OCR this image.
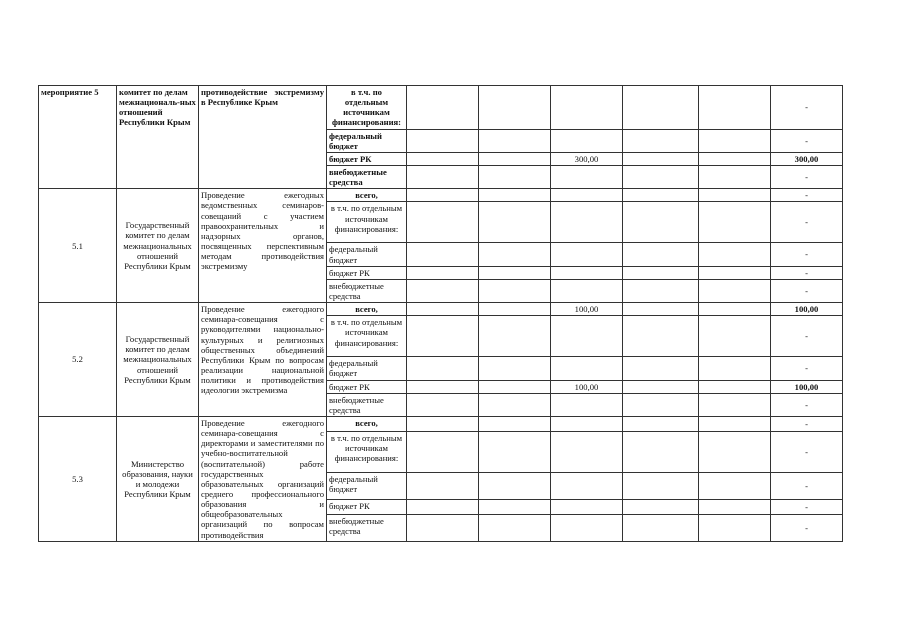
мероприятие 5	комитет по делам межнациональ-ных отношений Республики Крым	противодействие экстремизму в Республике Крым	в т.ч. по отдельным источникам финансирования:						-
			федеральный бюджет						-
			бюджет РК			300,00			300,00
			внебюджетные средства						-
5.1	Государственный комитет по делам межнациональных отношений Республики Крым	Проведение ежегодных ведомственных семинаров-совещаний с участием правоохранительных и надзорных органов, посвященных перспективным методам противодействия экстремизму	всего,						-
			в т.ч. по отдельным источникам финансирования:						-
			федеральный бюджет						-
			бюджет РК						-
			внебюджетные средства						-
5.2	Государственный комитет по делам межнациональных отношений Республики Крым	Проведение ежегодного семинара-совещания с руководителями национально-культурных и религиозных общественных объединений Республики Крым по вопросам реализации национальной политики и противодействия идеологии экстремизма	всего,			100,00			100,00
			в т.ч. по отдельным источникам финансирования:						-
			федеральный бюджет						-
			бюджет РК			100,00			100,00
			внебюджетные средства						-
5.3	Министерство образования, науки и молодежи Республики Крым	Проведение ежегодного семинара-совещания с директорами и заместителями по учебно-воспитательной (воспитательной) работе государственных образовательных организаций среднего профессионального образования и общеобразовательных организаций по вопросам противодействия	всего,						-
			в т.ч. по отдельным источникам финансирования:						-
			федеральный бюджет						-
			бюджет РК						-
			внебюджетные средства						-
